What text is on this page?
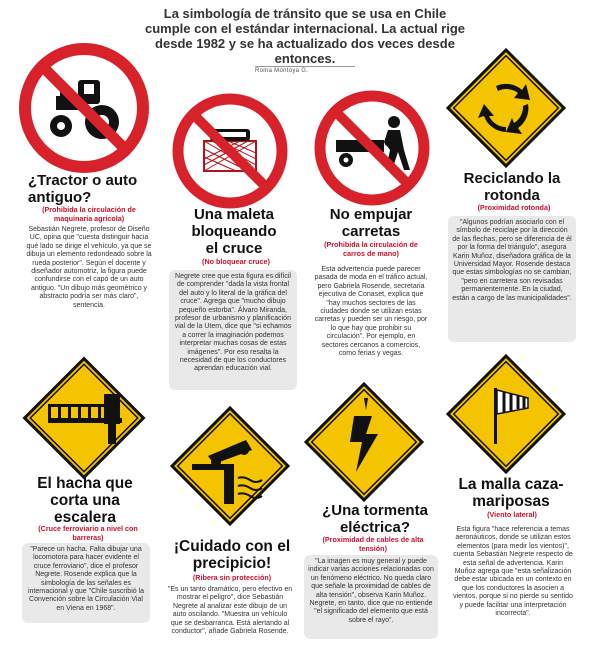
La simbología de tránsito que se usa en Chile cumple con el estándar internacional. La actual rige desde 1982 y se ha actualizado dos veces desde entonces.
Roma Montoya G.
¿Tractor o auto antiguo?
(Prohibida la circulación de maquinaria agrícola)
Sebastián Negrete, profesor de Diseño UC, opina que "cuesta distinguir hacia qué lado se dirige el vehículo, ya que se dibuja un elemento redondeado sobre la rueda posterior". Según el docente y diseñador automotriz, la figura puede confundirse con el capó de un auto antiguo. "Un dibujo más geométrico y abstracto podría ser más claro", sentencia.
Una maleta bloqueando el cruce
(No bloquear cruce)
Negrete cree que esta figura es difícil de comprender "dada la vista frontal del auto y lo literal de la gráfica del cruce". Agrega que "mucho dibujo pequeño estorba". Álvaro Miranda, profesor de urbanismo y planificación vial de la Utem, dice que "si echamos a correr la imaginación podemos interpretar muchas cosas de estas imágenes". Por eso resalta la necesidad de que los conductores aprendan educación vial.
No empujar carretas
(Prohibida la circulación de carros de mano)
Esta advertencia puede parecer pasada de moda en el tráfico actual, pero Gabriela Rosende, secretaria ejecutiva de Conaset, explica que "hay muchos sectores de las ciudades donde se utilizan estas carretas y pueden ser un riesgo, por lo que hay que prohibir su circulación". Por ejemplo, en sectores cercanos a comercios, como ferias y vegas.
Reciclando la rotonda
(Proximidad rotonda)
"Algunos podrían asociarlo con el símbolo de reciclaje por la dirección de las flechas, pero se diferencia de él por la forma del triángulo", asegura Karin Muñoz, diseñadora gráfica de la Universidad Mayor. Rosende destaca que estas simbologías no se cambian, "pero en carretera son revisadas permanentemente. En la ciudad, están a cargo de las municipalidades".
El hacha que corta una escalera
(Cruce ferroviario a nivel con barreras)
"Parece un hacha. Falta dibujar una locomotora para hacer evidente el cruce ferroviario", dice el profesor Negrete. Rosende explica que la simbología de las señales es internacional y que "Chile suscribió la Convención sobre la Circulación Vial en Viena en 1968".
¡Cuidado con el precipicio!
(Ribera sin protección)
"Es un tanto dramático, pero efectivo en mostrar el peligro", dice Sebastián Negrete al analizar este dibujo de un auto oscilando. "Muestra un vehículo que se desbarranca. Está alertando al conductor", añade Gabriela Rosende.
¿Una tormenta eléctrica?
(Proximidad de cables de alta tensión)
"La imagen es muy general y puede indicar varias acciones relacionadas con un fenómeno eléctrico. No queda claro que señale la proximidad de cables de alta tensión", observa Karin Muñoz. Negrete, en tanto, dice que no entiende "el significado del elemento que está sobre el rayo".
La malla caza-mariposas
(Viento lateral)
Esta figura "hace referencia a temas aeronáuticos, donde se utilizan estos elementos (para medir los vientos)", cuenta Sebastián Negrete respecto de esta señal de advertencia. Karin Muñoz agrega que "esta señalización debe estar ubicada en un contexto en que los conductores la asocien a vientos, porque si no pierde su sentido y puede facilitar una interpretación incorrecta".
